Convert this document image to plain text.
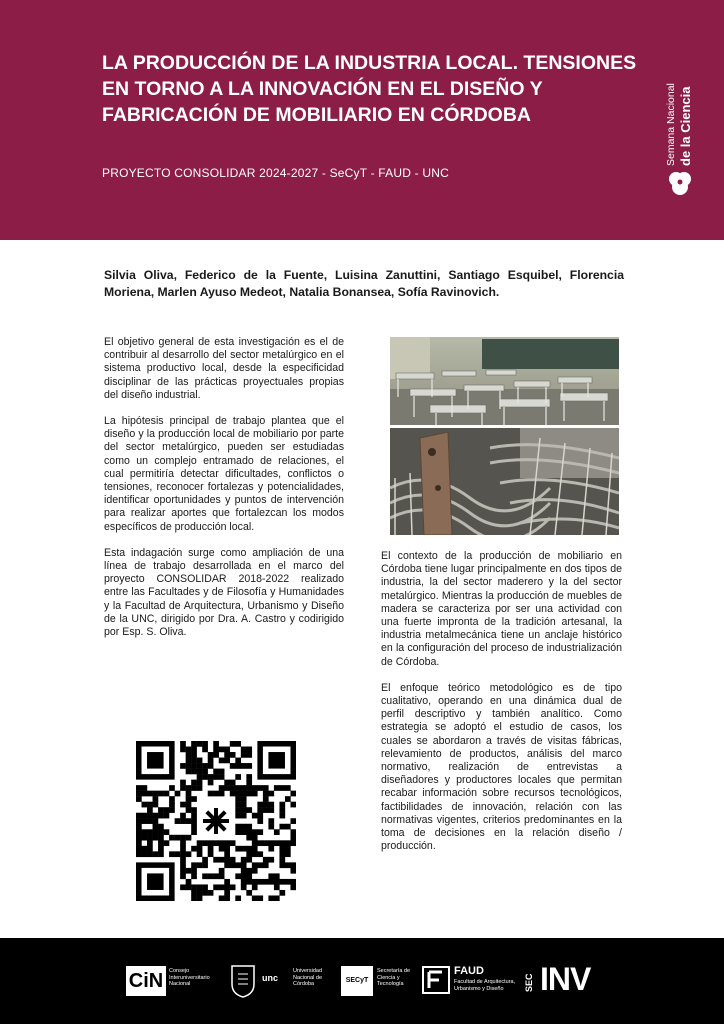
LA PRODUCCIÓN DE LA INDUSTRIA LOCAL. TENSIONES EN TORNO A LA INNOVACIÓN EN EL DISEÑO Y FABRICACIÓN DE MOBILIARIO EN CÓRDOBA
PROYECTO CONSOLIDAR 2024-2027 - SeCyT - FAUD - UNC
Semana Nacional de la Ciencia
Silvia Oliva, Federico de la Fuente, Luisina Zanuttini, Santiago Esquibel, Florencia Moriena, Marlen Ayuso Medeot, Natalia Bonansea, Sofía Ravinovich.

El objetivo general de esta investigación es el de contribuir al desarrollo del sector metalúrgico en el sistema productivo local, desde la especificidad disciplinar de las prácticas proyectuales propias del diseño industrial.

La hipótesis principal de trabajo plantea que el diseño y la producción local de mobiliario por parte del sector metalúrgico, pueden ser estudiadas como un complejo entramado de relaciones, el cual permitiría detectar dificultades, conflictos o tensiones, reconocer fortalezas y potencialidades, identificar oportunidades y puntos de intervención para realizar aportes que fortalezcan los modos específicos de producción local.

Esta indagación surge como ampliación de una línea de trabajo desarrollada en el marco del proyecto CONSOLIDAR 2018-2022 realizado entre las Facultades y de Filosofía y Humanidades y la Facultad de Arquitectura, Urbanismo y Diseño de la UNC, dirigido por Dra. A. Castro y codirigido por Esp. S. Oliva.

El contexto de la producción de mobiliario en Córdoba tiene lugar principalmente en dos tipos de industria, la del sector maderero y la del sector metalúrgico. Mientras la producción de muebles de madera se caracteriza por ser una actividad con una fuerte impronta de la tradición artesanal, la industria metalmecánica tiene un anclaje histórico en la configuración del proceso de industrialización de Córdoba.

El enfoque teórico metodológico es de tipo cualitativo, operando en una dinámica dual de perfil descriptivo y también analítico. Como estrategia se adoptó el estudio de casos, los cuales se abordaron a través de visitas fábricas, relevamiento de productos, análisis del marco normativo, realización de entrevistas a diseñadores y productores locales que permitan recabar información sobre recursos tecnológicos, factibilidades de innovación, relación con las normativas vigentes, criterios predominantes en la toma de decisiones en la relación diseño / producción.

CiN	Consejo Interuniversitario Nacional
unc
Universidad Nacional de Córdoba	SECyT
Secretaría de Ciencia y Tecnología
FAUD
Facultad de Arquitectura, Urbanismo y Diseño	SEC INV
